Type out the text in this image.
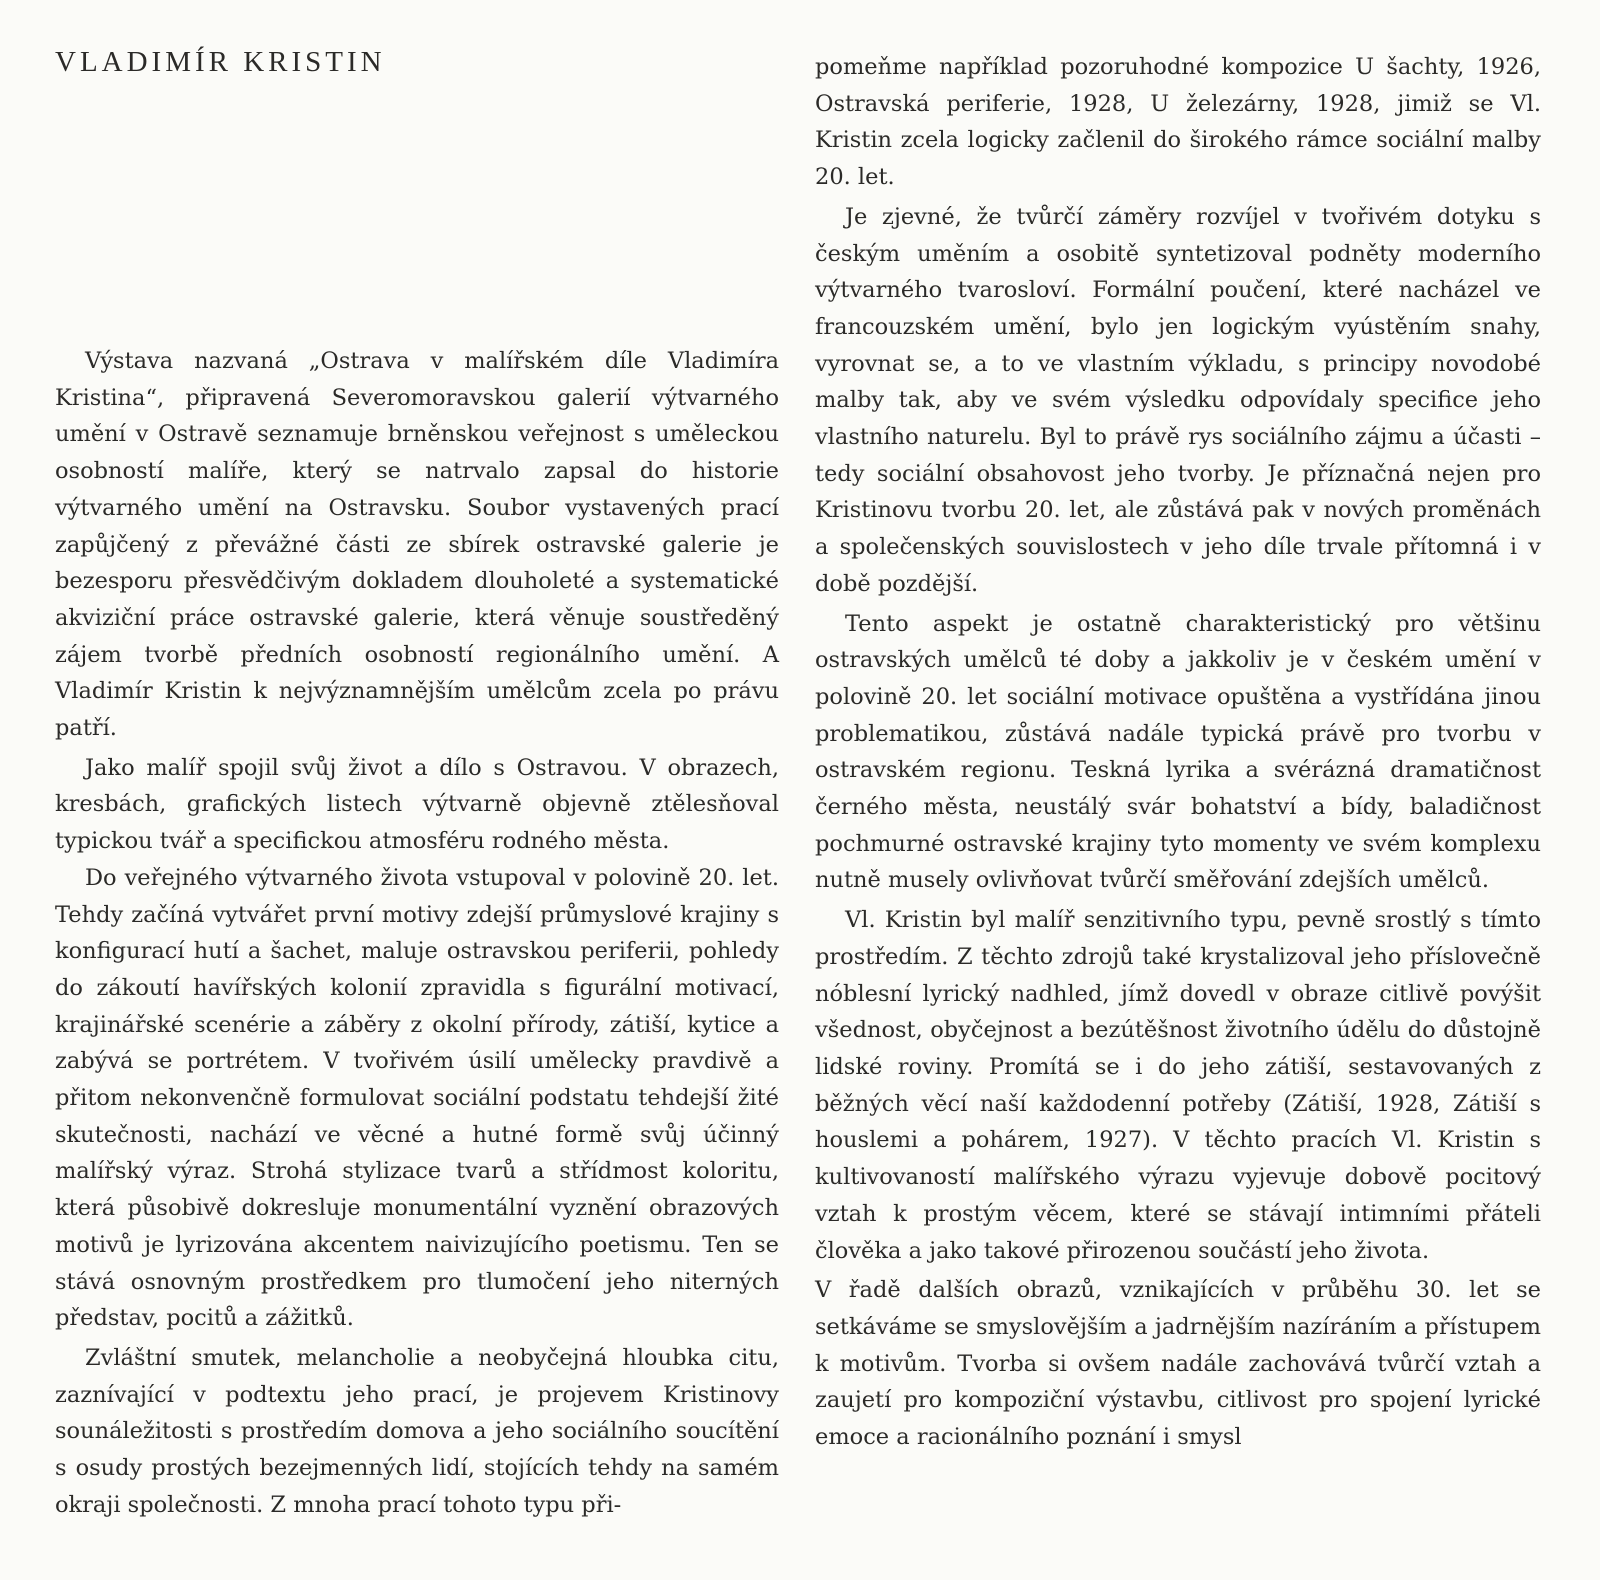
VLADIMÍR KRISTIN

Výstava nazvaná „Ostrava v malířském díle Vladimíra Kristina“, připravená Severomoravskou galerií výtvarného umění v Ostravě seznamuje brněnskou veřejnost s uměleckou osobností malíře, který se natrvalo zapsal do historie výtvarného umění na Ostravsku. Soubor vystavených prací zapůjčený z převážné části ze sbírek ostravské galerie je bezesporu přesvědčivým dokladem dlouholeté a systematické akviziční práce ostravské galerie, která věnuje soustředěný zájem tvorbě předních osobností regionálního umění. A Vladimír Kristin k nejvýznamnějším umělcům zcela po právu patří.

Jako malíř spojil svůj život a dílo s Ostravou. V obrazech, kresbách, grafických listech výtvarně objevně ztělesňoval typickou tvář a specifickou atmosféru rodného města.

Do veřejného výtvarného života vstupoval v polovině 20. let. Tehdy začíná vytvářet první motivy zdejší průmyslové krajiny s konfigurací hutí a šachet, maluje ostravskou periferii, pohledy do zákoutí havířských kolonií zpravidla s figurální motivací, krajinářské scenérie a záběry z okolní přírody, zátiší, kytice a zabývá se portrétem. V tvořivém úsilí umělecky pravdivě a přitom nekonvenčně formulovat sociální podstatu tehdejší žité skutečnosti, nachází ve věcné a hutné formě svůj účinný malířský výraz. Strohá stylizace tvarů a střídmost koloritu, která působivě dokresluje monumentální vyznění obrazových motivů je lyrizována akcentem naivizujícího poetismu. Ten se stává osnovným prostředkem pro tlumočení jeho niterných představ, pocitů a zážitků.

Zvláštní smutek, melancholie a neobyčejná hloubka citu, zaznívající v podtextu jeho prací, je projevem Kristinovy sounáležitosti s prostředím domova a jeho sociálního soucítění s osudy prostých bezejmenných lidí, stojících tehdy na samém okraji společnosti. Z mnoha prací tohoto typu při-

pomeňme například pozoruhodné kompozice U šachty, 1926, Ostravská periferie, 1928, U železárny, 1928, jimiž se Vl. Kristin zcela logicky začlenil do širokého rámce sociální malby 20. let.

Je zjevné, že tvůrčí záměry rozvíjel v tvořivém dotyku s českým uměním a osobitě syntetizoval podněty moderního výtvarného tvarosloví. Formální poučení, které nacházel ve francouzském umění, bylo jen logickým vyústěním snahy, vyrovnat se, a to ve vlastním výkladu, s principy novodobé malby tak, aby ve svém výsledku odpovídaly specifice jeho vlastního naturelu. Byl to právě rys sociálního zájmu a účasti – tedy sociální obsahovost jeho tvorby. Je příznačná nejen pro Kristinovu tvorbu 20. let, ale zůstává pak v nových proměnách a společenských souvislostech v jeho díle trvale přítomná i v době pozdější.

Tento aspekt je ostatně charakteristický pro většinu ostravských umělců té doby a jakkoliv je v českém umění v polovině 20. let sociální motivace opuštěna a vystřídána jinou problematikou, zůstává nadále typická právě pro tvorbu v ostravském regionu. Teskná lyrika a svérázná dramatičnost černého města, neustálý svár bohatství a bídy, baladičnost pochmurné ostravské krajiny tyto momenty ve svém komplexu nutně musely ovlivňovat tvůrčí směřování zdejších umělců.

Vl. Kristin byl malíř senzitivního typu, pevně srostlý s tímto prostředím. Z těchto zdrojů také krystalizoval jeho příslovečně nóblesní lyrický nadhled, jímž dovedl v obraze citlivě povýšit všednost, obyčejnost a bezútěšnost životního údělu do důstojně lidské roviny. Promítá se i do jeho zátiší, sestavovaných z běžných věcí naší každodenní potřeby (Zátiší, 1928, Zátiší s houslemi a pohárem, 1927). V těchto pracích Vl. Kristin s kultivovaností malířského výrazu vyjevuje dobově pocitový vztah k prostým věcem, které se stávají intimními přáteli člověka a jako takové přirozenou součástí jeho života.

V řadě dalších obrazů, vznikajících v průběhu 30. let se setkáváme se smyslovějším a jadrnějším nazíráním a přístupem k motivům. Tvorba si ovšem nadále zachovává tvůrčí vztah a zaujetí pro kompoziční výstavbu, citlivost pro spojení lyrické emoce a racionálního poznání i smysl
